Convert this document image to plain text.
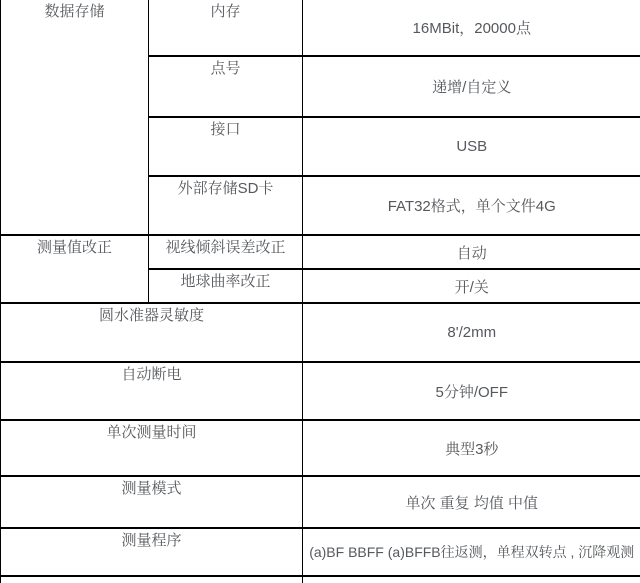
数据存储	内存	16MBit，20000点
	点号	递增/自定义
	接口	USB
	外部存储SD卡	FAT32格式，单个文件4G
测量值改正	视线倾斜误差改正	自动
	地球曲率改正	开/关
圆水准器灵敏度		8'/2mm
自动断电		5分钟/OFF
单次测量时间		典型3秒
测量模式		单次 重复 均值 中值
测量程序		(a)BF BBFF (a)BFFB往返测，单程双转点 , 沉降观测
